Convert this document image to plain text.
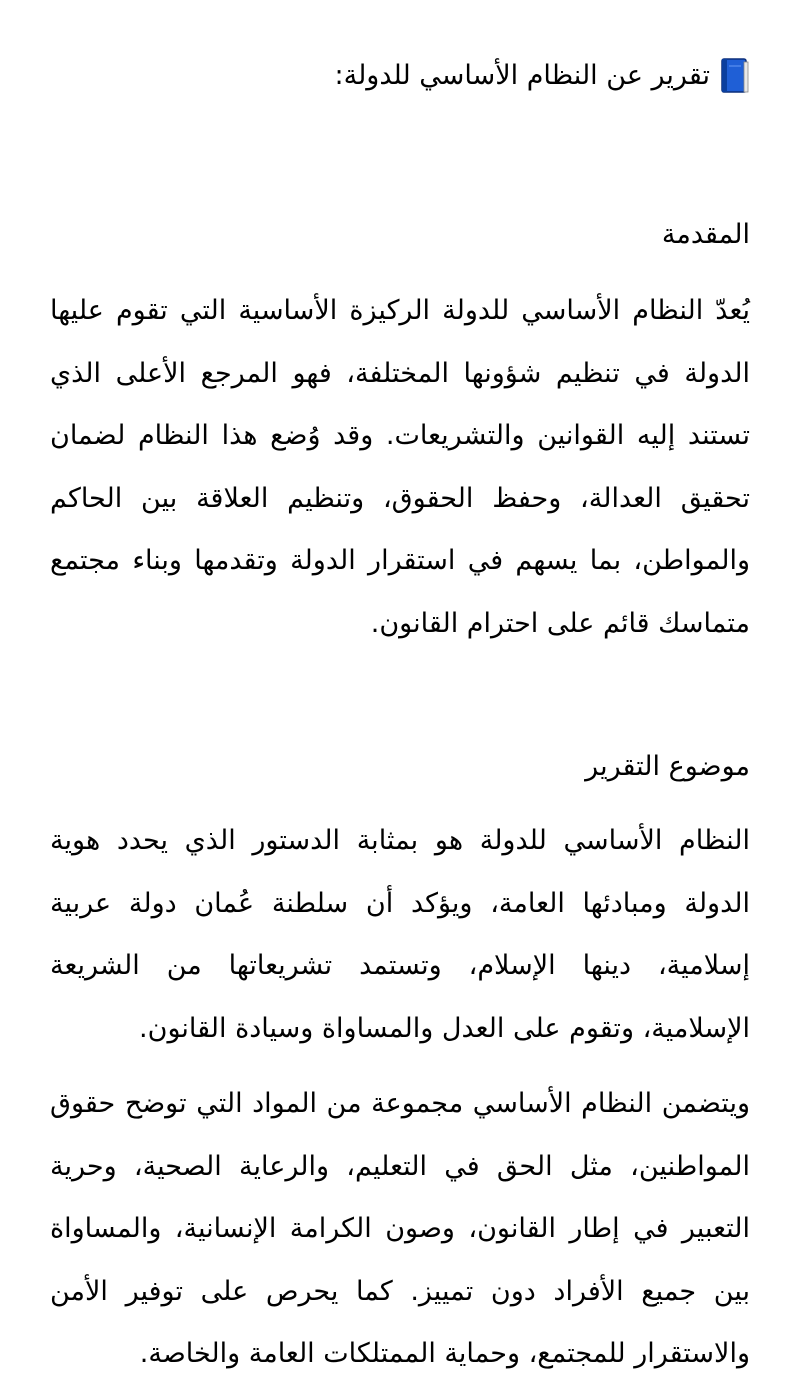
تقرير عن النظام الأساسي للدولة:
المقدمة
يُعدّ النظام الأساسي للدولة الركيزة الأساسية التي تقوم عليها الدولة في تنظيم شؤونها المختلفة، فهو المرجع الأعلى الذي تستند إليه القوانين والتشريعات. وقد وُضع هذا النظام لضمان تحقيق العدالة، وحفظ الحقوق، وتنظيم العلاقة بين الحاكم والمواطن، بما يسهم في استقرار الدولة وتقدمها وبناء مجتمع متماسك قائم على احترام القانون.
موضوع التقرير
النظام الأساسي للدولة هو بمثابة الدستور الذي يحدد هوية الدولة ومبادئها العامة، ويؤكد أن سلطنة عُمان دولة عربية إسلامية، دينها الإسلام، وتستمد تشريعاتها من الشريعة الإسلامية، وتقوم على العدل والمساواة وسيادة القانون.
ويتضمن النظام الأساسي مجموعة من المواد التي توضح حقوق المواطنين، مثل الحق في التعليم، والرعاية الصحية، وحرية التعبير في إطار القانون، وصون الكرامة الإنسانية، والمساواة بين جميع الأفراد دون تمييز. كما يحرص على توفير الأمن والاستقرار للمجتمع، وحماية الممتلكات العامة والخاصة.
